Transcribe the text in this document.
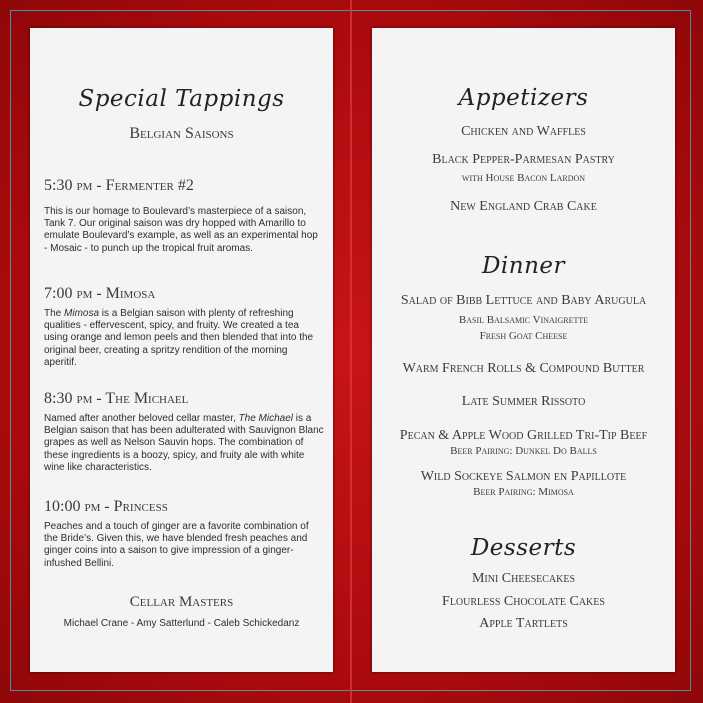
Special Tappings
Belgian Saisons
5:30 pm - Fermenter #2

This is our homage to Boulevard’s masterpiece of a saison, Tank 7. Our original saison was dry hopped with Amarillo to emulate Boulevard’s example, as well as an experimental hop - Mosaic - to punch up the tropical fruit aromas.

7:00 pm - Mimosa

The Mimosa is a Belgian saison with plenty of refreshing qualities - effervescent, spicy, and fruity. We created a tea using orange and lemon peels and then blended that into the original beer, creating a spritzy rendition of the morning aperitif.

8:30 pm - The Michael

Named after another beloved cellar master, The Michael is a Belgian saison that has been adulterated with Sauvignon Blanc grapes as well as Nelson Sauvin hops. The combination of these ingredients is a boozy, spicy, and fruity ale with white wine like characteristics.

10:00 pm - Princess

Peaches and a touch of ginger are a favorite combination of the Bride’s. Given this, we have blended fresh peaches and ginger coins into a saison to give impression of a ginger-infushed Bellini.

Cellar Masters
Michael Crane - Amy Satterlund - Caleb Schickedanz
Appetizers
Chicken and Waffles
Black Pepper-Parmesan Pastry
with House Bacon Lardon
New England Crab Cake
Dinner
Salad of Bibb Lettuce and Baby Arugula
Basil Balsamic Vinaigrette
Fresh Goat Cheese
Warm French Rolls & Compound Butter
Late Summer Rissoto
Pecan & Apple Wood Grilled Tri-Tip Beef
Beer Pairing: Dunkel Do Balls
Wild Sockeye Salmon en Papillote
Beer Pairing: Mimosa
Desserts
Mini Cheesecakes
Flourless Chocolate Cakes
Apple Tartlets
